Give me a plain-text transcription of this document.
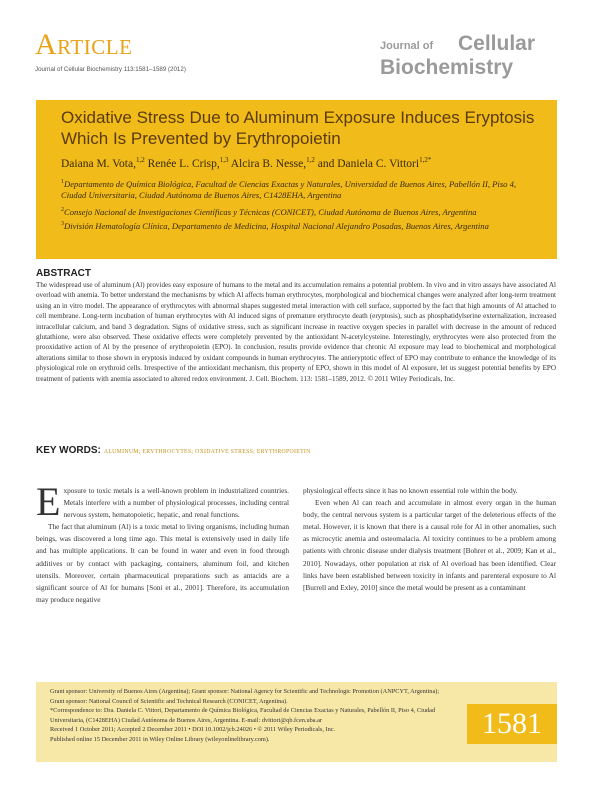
Article
Journal of Cellular Biochemistry 113:1581–1589 (2012)
Journal of Cellular
Biochemistry
Oxidative Stress Due to Aluminum Exposure Induces Eryptosis Which Is Prevented by Erythropoietin
Daiana M. Vota,$^{1,2}$ Renée L. Crisp,$^{1,3}$ Alcira B. Nesse,$^{1,2}$ and Daniela C. Vittori$^{1,2*}$
$^1$Departamento de Química Biológica, Facultad de Ciencias Exactas y Naturales, Universidad de Buenos Aires, Pabellón II, Piso 4, Ciudad Universitaria, Ciudad Autónoma de Buenos Aires, C1428EHA, Argentina
$^2$Consejo Nacional de Investigaciones Científicas y Técnicas (CONICET), Ciudad Autónoma de Buenos Aires, Argentina
$^3$División Hematología Clínica, Departamento de Medicina, Hospital Nacional Alejandro Posadas, Buenos Aires, Argentina
ABSTRACT
The widespread use of aluminum (Al) provides easy exposure of humans to the metal and its accumulation remains a potential problem. In vivo and in vitro assays have associated Al overload with anemia. To better understand the mechanisms by which Al affects human erythrocytes, morphological and biochemical changes were analyzed after long-term treatment using an in vitro model. The appearance of erythrocytes with abnormal shapes suggested metal interaction with cell surface, supported by the fact that high amounts of Al attached to cell membrane. Long-term incubation of human erythrocytes with Al induced signs of premature erythrocyte death (eryptosis), such as phosphatidylserine externalization, increased intracellular calcium, and band 3 degradation. Signs of oxidative stress, such as significant increase in reactive oxygen species in parallel with decrease in the amount of reduced glutathione, were also observed. These oxidative effects were completely prevented by the antioxidant N-acetylcysteine. Interestingly, erythrocytes were also protected from the prooxidative action of Al by the presence of erythropoietin (EPO). In conclusion, results provide evidence that chronic Al exposure may lead to biochemical and morphological alterations similar to those shown in eryptosis induced by oxidant compounds in human erythrocytes. The antieryptotic effect of EPO may contribute to enhance the knowledge of its physiological role on erythroid cells. Irrespective of the antioxidant mechanism, this property of EPO, shown in this model of Al exposure, let us suggest potential benefits by EPO treatment of patients with anemia associated to altered redox environment. J. Cell. Biochem. 113: 1581–1589, 2012. © 2011 Wiley Periodicals, Inc.
KEY WORDS: ALUMINUM; ERYTHROCYTES; OXIDATIVE STRESS; ERYTHROPOIETIN

Exposure to toxic metals is a well-known problem in industrialized countries. Metals interfere with a number of physiological processes, including central nervous system, hematopoietic, hepatic, and renal functions.

The fact that aluminum (Al) is a toxic metal to living organisms, including human beings, was discovered a long time ago. This metal is extensively used in daily life and has multiple applications. It can be found in water and even in food through additives or by contact with packaging, containers, aluminum foil, and kitchen utensils. Moreover, certain pharmaceutical preparations such as antacids are a significant source of Al for humans [Soni et al., 2001]. Therefore, its accumulation may produce negative

physiological effects since it has no known essential role within the body.

Even when Al can reach and accumulate in almost every organ in the human body, the central nervous system is a particular target of the deleterious effects of the metal. However, it is known that there is a causal role for Al in other anomalies, such as microcytic anemia and osteomalacia. Al toxicity continues to be a problem among patients with chronic disease under dialysis treatment [Bohrer et al., 2009; Kan et al., 2010]. Nowadays, other population at risk of Al overload has been identified. Clear links have been established between toxicity in infants and parenteral exposure to Al [Burrell and Exley, 2010] since the metal would be present as a contaminant

Grant sponsor: University of Buenos Aires (Argentina); Grant sponsor: National Agency for Scientific and Technologic Promotion (ANPCYT, Argentina); Grant sponsor: National Council of Scientific and Technical Research (CONICET, Argentina).

*Correspondence to: Dra. Daniela C. Vittori, Departamento de Química Biológica, Facultad de Ciencias Exactas y Naturales, Pabellón II, Piso 4, Ciudad Universitaria, (C1428EHA) Ciudad Autónoma de Buenos Aires, Argentina. E-mail: dvittori@qb.fcen.uba.ar

Received 1 October 2011; Accepted 2 December 2011 • DOI 10.1002/jcb.24026 • © 2011 Wiley Periodicals, Inc.

Published online 15 December 2011 in Wiley Online Library (wileyonlinelibrary.com).	1581
